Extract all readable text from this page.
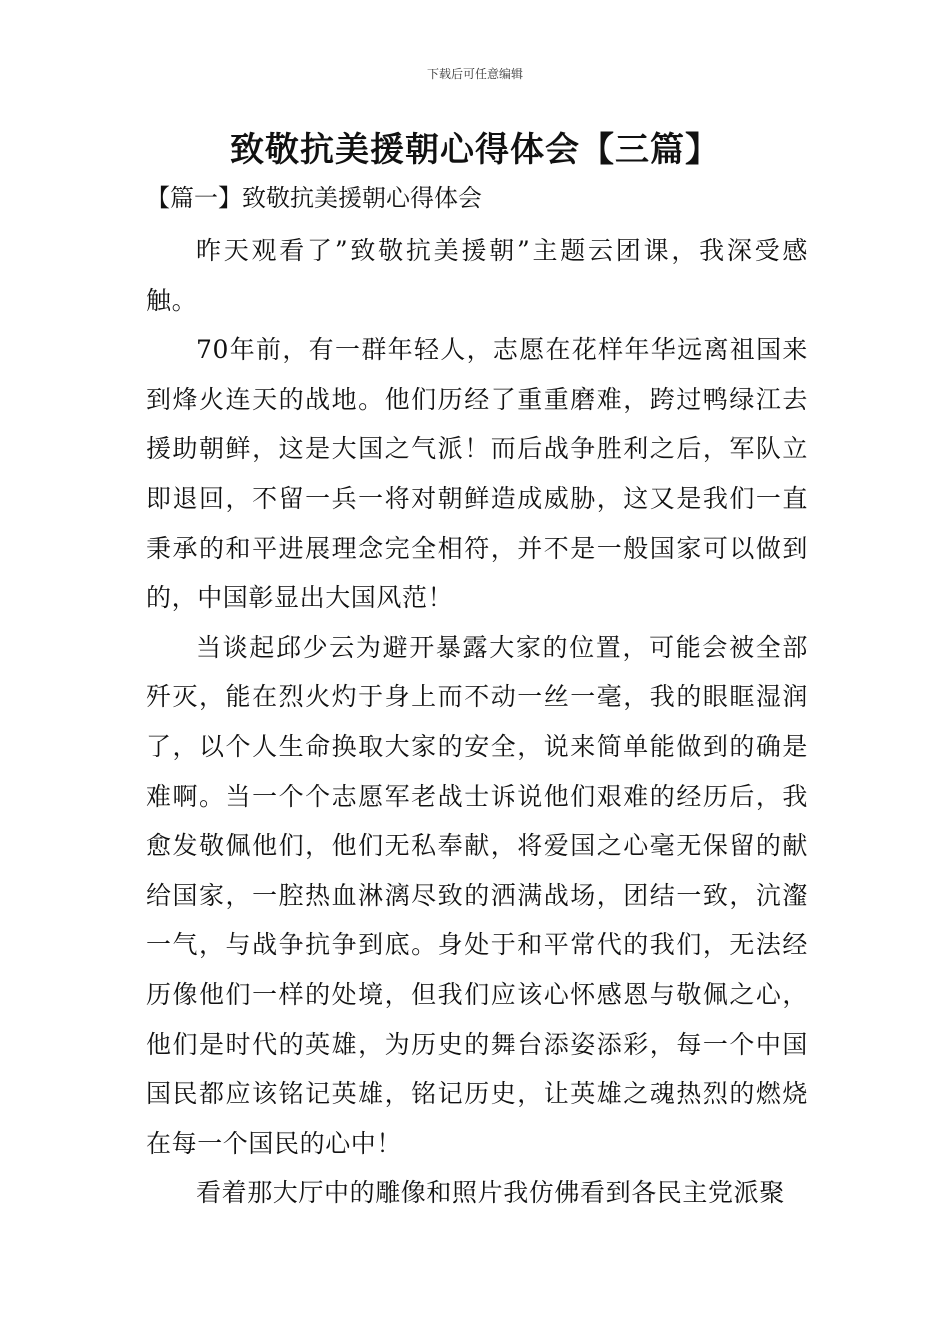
下载后可任意编辑
致敬抗美援朝心得体会【三篇】
【篇一】致敬抗美援朝心得体会

昨天观看了”致敬抗美援朝”主题云团课，我深受感触。

70年前，有一群年轻人，志愿在花样年华远离祖国来到烽火连天的战地。他们历经了重重磨难，跨过鸭绿江去援助朝鲜，这是大国之气派！而后战争胜利之后，军队立即退回，不留一兵一将对朝鲜造成威胁，这又是我们一直秉承的和平进展理念完全相符，并不是一般国家可以做到的，中国彰显出大国风范！

当谈起邱少云为避开暴露大家的位置，可能会被全部歼灭，能在烈火灼于身上而不动一丝一毫，我的眼眶湿润了，以个人生命换取大家的安全，说来简单能做到的确是难啊。当一个个志愿军老战士诉说他们艰难的经历后，我愈发敬佩他们，他们无私奉献，将爱国之心毫无保留的献给国家，一腔热血淋漓尽致的洒满战场，团结一致，沆瀣一气，与战争抗争到底。身处于和平常代的我们，无法经历像他们一样的处境，但我们应该心怀感恩与敬佩之心，他们是时代的英雄，为历史的舞台添姿添彩，每一个中国国民都应该铭记英雄，铭记历史，让英雄之魂热烈的燃烧在每一个国民的心中！

看着那大厅中的雕像和照片我仿佛看到各民主党派聚
